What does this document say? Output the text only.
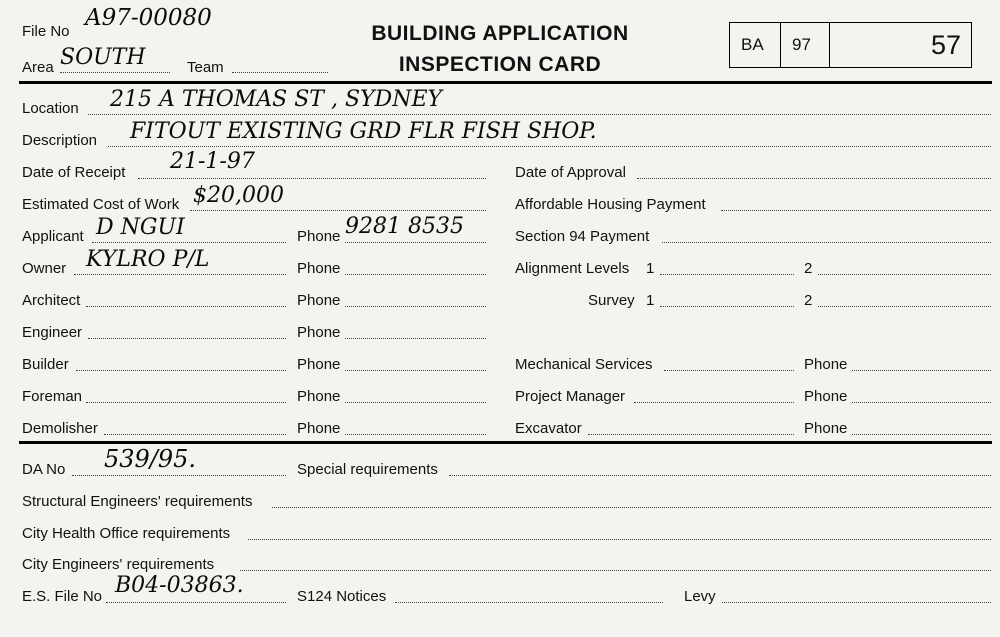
File No
A97-00080
Area SOUTH	Team
BUILDING APPLICATION
INSPECTION CARD
BA 97	57
Location 215 A THOMAS ST , SYDNEY
Description FITOUT EXISTING GRD FLR FISH SHOP.
Date of Receipt 21-1-97	Date of Approval
Estimated Cost of Work $20,000	Affordable Housing Payment
Applicant D NGUI	Phone 9281 8535	Section 94 Payment
Owner KYLRO P/L	Phone	Alignment Levels 1	2
Architect	Phone	Survey 1	2
Engineer	Phone
Builder	Phone	Mechanical Services	Phone
Foreman	Phone	Project Manager	Phone
Demolisher	Phone	Excavator	Phone
DA No 539/95.	Special requirements
Structural Engineers' requirements
City Health Office requirements
City Engineers' requirements
E.S. File No B04-03863.	S124 Notices	Levy
